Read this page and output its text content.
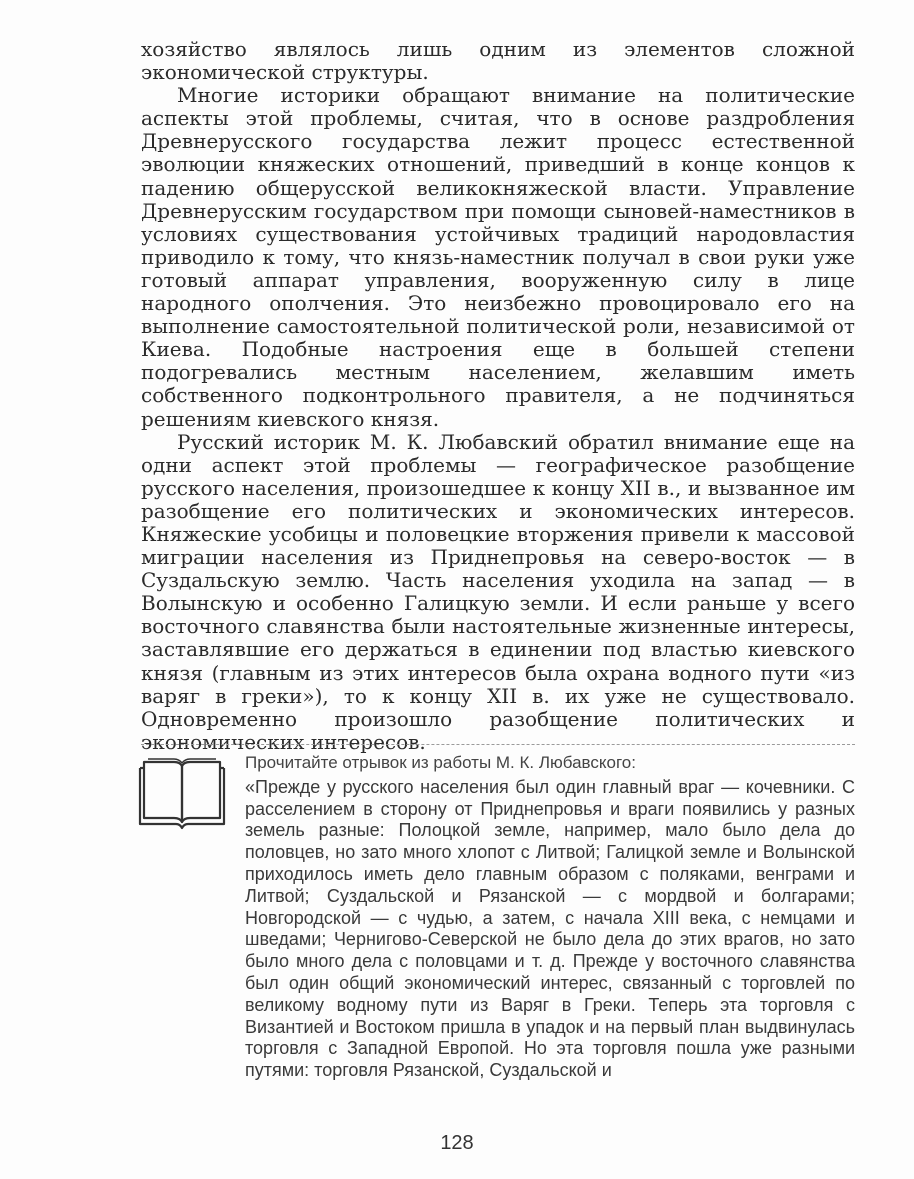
хозяйство являлось лишь одним из элементов сложной экономической структуры.

Многие историки обращают внимание на политические аспекты этой проблемы, считая, что в основе раздробления Древнерусского государства лежит процесс естественной эволюции княжеских отношений, приведший в конце концов к падению общерусской великокняжеской власти. Управление Древнерусским государством при помощи сыновей-наместников в условиях существования устойчивых традиций народовластия приводило к тому, что князь-наместник получал в свои руки уже готовый аппарат управления, вооруженную силу в лице народного ополчения. Это неизбежно провоцировало его на выполнение самостоятельной политической роли, независимой от Киева. Подобные настроения еще в большей степени подогревались местным населением, желавшим иметь собственного подконтрольного правителя, а не подчиняться решениям киевского князя.

Русский историк М. К. Любавский обратил внимание еще на одни аспект этой проблемы — географическое разобщение русского населения, произошедшее к концу XII в., и вызванное им разобщение его политических и экономических интересов. Княжеские усобицы и половецкие вторжения привели к массовой миграции населения из Приднепровья на северо-восток — в Суздальскую землю. Часть населения уходила на запад — в Волынскую и особенно Галицкую земли. И если раньше у всего восточного славянства были настоятельные жизненные интересы, заставлявшие его держаться в единении под властью киевского князя (главным из этих интересов была охрана водного пути «из варяг в греки»), то к концу XII в. их уже не существовало. Одновременно произошло разобщение политических и экономических интересов.

Прочитайте отрывок из работы М. К. Любавского:

«Прежде у русского населения был один главный враг — кочевники. С расселением в сторону от Приднепровья и враги появились у разных земель разные: Полоцкой земле, например, мало было дела до половцев, но зато много хлопот с Литвой; Галицкой земле и Волынской приходилось иметь дело главным образом с поляками, венграми и Литвой; Суздальской и Рязанской — с мордвой и болгарами; Новгородской — с чудью, а затем, с начала XIII века, с немцами и шведами; Черниговo-Северской не было дела до этих врагов, но зато было много дела с половцами и т. д. Прежде у восточного славянства был один общий экономический интерес, связанный с торговлей по великому водному пути из Варяг в Греки. Теперь эта торговля с Византией и Востоком пришла в упадок и на первый план выдвинулась торговля с Западной Европой. Но эта торговля пошла уже разными путями: торговля Рязанской, Суздальской и

128
